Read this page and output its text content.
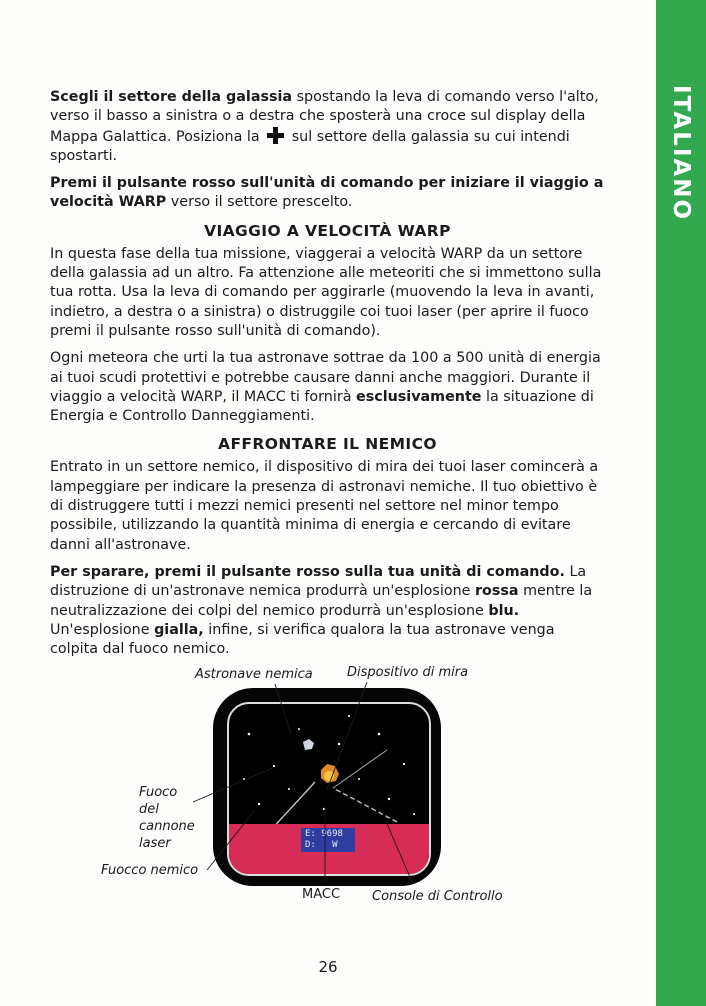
ITALIANO

Scegli il settore della galassia spostando la leva di comando verso l'alto, verso il basso a sinistra o a destra che sposterà una croce sul display della Mappa Galattica. Posiziona la sul settore della galassia su cui intendi spostarti.

Premi il pulsante rosso sull'unità di comando per iniziare il viaggio a velocità WARP verso il settore prescelto.

VIAGGIO A VELOCITÀ WARP

In questa fase della tua missione, viaggerai a velocità WARP da un settore della galassia ad un altro. Fa attenzione alle meteoriti che si immettono sulla tua rotta. Usa la leva di comando per aggirarle (muovendo la leva in avanti, indietro, a destra o a sinistra) o distruggile coi tuoi laser (per aprire il fuoco premi il pulsante rosso sull'unità di comando).

Ogni meteora che urti la tua astronave sottrae da 100 a 500 unità di energia ai tuoi scudi protettivi e potrebbe causare danni anche maggiori. Durante il viaggio a velocità WARP, il MACC ti fornirà esclusivamente la situazione di Energia e Controllo Danneggiamenti.

AFFRONTARE IL NEMICO

Entrato in un settore nemico, il dispositivo di mira dei tuoi laser comincerà a lampeggiare per indicare la presenza di astronavi nemiche. Il tuo obiettivo è di distruggere tutti i mezzi nemici presenti nel settore nel minor tempo possibile, utilizzando la quantità minima di energia e cercando di evitare danni all'astronave.

Per sparare, premi il pulsante rosso sulla tua unità di comando. La distruzione di un'astronave nemica produrrà un'esplosione rossa mentre la neutralizzazione dei colpi del nemico produrrà un'esplosione blu. Un'esplosione gialla, infine, si verifica qualora la tua astronave venga colpita dal fuoco nemico.

Astronave nemica	Dispositivo di mira
Fuoco
del
cannone
laser
Fuocco nemico
MACC Console di Controllo
E: 9698
D:   W
26
